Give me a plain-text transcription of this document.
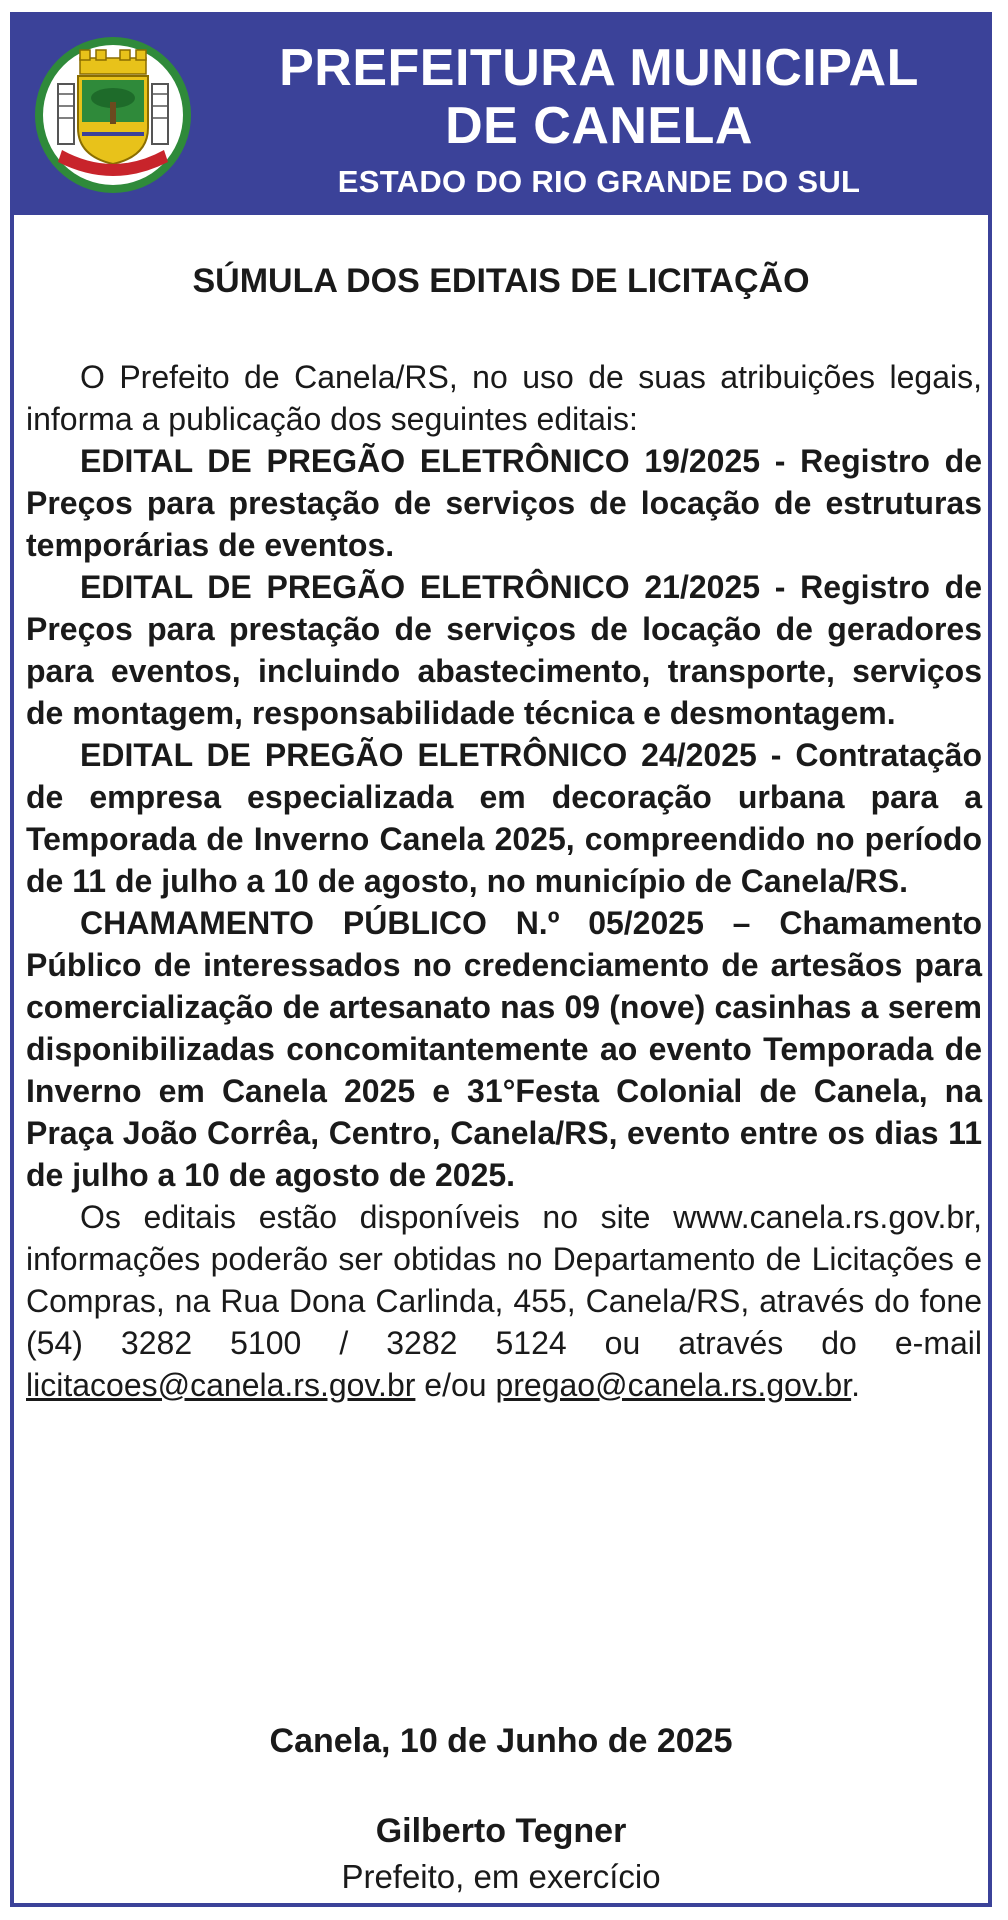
PREFEITURA MUNICIPAL

DE CANELA

ESTADO DO RIO GRANDE DO SUL

SÚMULA DOS EDITAIS DE LICITAÇÃO

O Prefeito de Canela/RS, no uso de suas atribuições legais, informa a publicação dos seguintes editais:

EDITAL DE PREGÃO ELETRÔNICO 19/2025 - Registro de Preços para prestação de serviços de locação de estruturas temporárias de eventos.

EDITAL DE PREGÃO ELETRÔNICO 21/2025 - Registro de Preços para prestação de serviços de locação de geradores para eventos, incluindo abastecimento, transporte, serviços de montagem, responsabilidade técnica e desmontagem.

EDITAL DE PREGÃO ELETRÔNICO 24/2025 - Contratação de empresa especializada em decoração urbana para a Temporada de Inverno Canela 2025, compreendido no período de 11 de julho a 10 de agosto, no município de Canela/RS.

CHAMAMENTO PÚBLICO N.º 05/2025 – Chamamento Público de interessados no credenciamento de artesãos para comercialização de artesanato nas 09 (nove) casinhas a serem disponibilizadas concomitantemente ao evento Temporada de Inverno em Canela 2025 e 31°Festa Colonial de Canela, na Praça João Corrêa, Centro, Canela/RS, evento entre os dias 11 de julho a 10 de agosto de 2025.

Os editais estão disponíveis no site www.canela.rs.gov.br, informações poderão ser obtidas no Departamento de Licitações e Compras, na Rua Dona Carlinda, 455, Canela/RS, através do fone (54) 3282 5100 / 3282 5124 ou através do e-mail licitacoes@canela.rs.gov.br e/ou pregao@canela.rs.gov.br.

Canela, 10 de Junho de 2025

Gilberto Tegner

Prefeito, em exercício
